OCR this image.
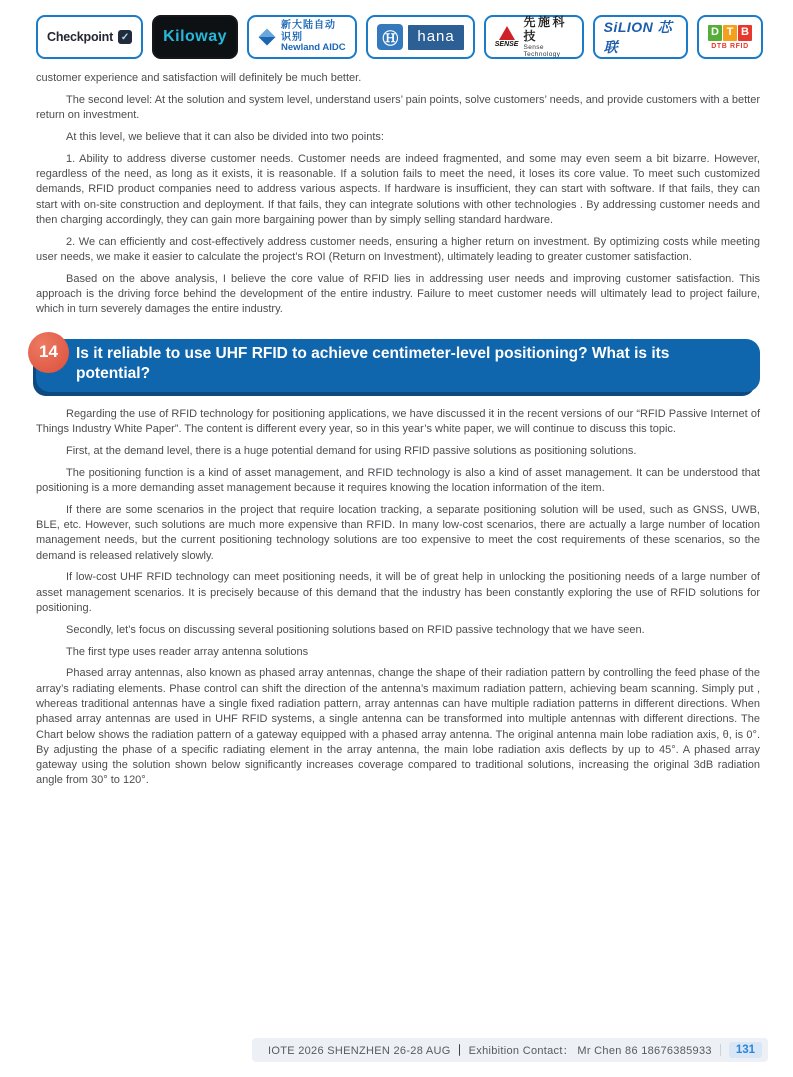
Checkpoint ✓ Kiloway
新大陆自动识别
Newland AIDC
Ⓗ	hana	SENSE
先施科技
Sense Technology
SiLION 芯联
D T B
DTB RFID

customer experience and satisfaction will definitely be much better.

The second level: At the solution and system level, understand users’ pain points, solve customers’ needs, and provide customers with a better return on investment.

At this level, we believe that it can also be divided into two points:

1. Ability to address diverse customer needs. Customer needs are indeed fragmented, and some may even seem a bit bizarre. However, regardless of the need, as long as it exists, it is reasonable. If a solution fails to meet the need, it loses its core value. To meet such customized demands, RFID product companies need to address various aspects. If hardware is insufficient, they can start with software. If that fails, they can start with on-site construction and deployment. If that fails, they can integrate solutions with other technologies . By addressing customer needs and then charging accordingly, they can gain more bargaining power than by simply selling standard hardware.

2. We can efficiently and cost-effectively address customer needs, ensuring a higher return on investment. By optimizing costs while meeting user needs, we make it easier to calculate the project’s ROI (Return on Investment), ultimately leading to greater customer satisfaction.

Based on the above analysis, I believe the core value of RFID lies in addressing user needs and improving customer satisfaction. This approach is the driving force behind the development of the entire industry. Failure to meet customer needs will ultimately lead to project failure, which in turn severely damages the entire industry.

14	Is it reliable to use UHF RFID to achieve centimeter-level positioning? What is its potential?

Regarding the use of RFID technology for positioning applications, we have discussed it in the recent versions of our “RFID Passive Internet of Things Industry White Paper”. The content is different every year, so in this year’s white paper, we will continue to discuss this topic.

First, at the demand level, there is a huge potential demand for using RFID passive solutions as positioning solutions.

The positioning function is a kind of asset management, and RFID technology is also a kind of asset management. It can be understood that positioning is a more demanding asset management because it requires knowing the location information of the item.

If there are some scenarios in the project that require location tracking, a separate positioning solution will be used, such as GNSS, UWB, BLE, etc. However, such solutions are much more expensive than RFID. In many low-cost scenarios, there are actually a large number of location management needs, but the current positioning technology solutions are too expensive to meet the cost requirements of these scenarios, so the demand is released relatively slowly.

If low-cost UHF RFID technology can meet positioning needs, it will be of great help in unlocking the positioning needs of a large number of asset management scenarios. It is precisely because of this demand that the industry has been constantly exploring the use of RFID solutions for positioning.

Secondly, let’s focus on discussing several positioning solutions based on RFID passive technology that we have seen.

The first type uses reader array antenna solutions

Phased array antennas, also known as phased array antennas, change the shape of their radiation pattern by controlling the feed phase of the array’s radiating elements. Phase control can shift the direction of the antenna’s maximum radiation pattern, achieving beam scanning. Simply put , whereas traditional antennas have a single fixed radiation pattern, array antennas can have multiple radiation patterns in different directions. When phased array antennas are used in UHF RFID systems, a single antenna can be transformed into multiple antennas with different directions. The Chart below shows the radiation pattern of a gateway equipped with a phased array antenna. The original antenna main lobe radiation axis, θ, is 0°. By adjusting the phase of a specific radiating element in the array antenna, the main lobe radiation axis deflects by up to 45°. A phased array gateway using the solution shown below significantly increases coverage compared to traditional solutions, increasing the original 3dB radiation angle from 30° to 120°.

IOTE 2026 SHENZHEN 26-28 AUG ｜ Exhibition Contact： Mr Chen 86 18676385933	131
